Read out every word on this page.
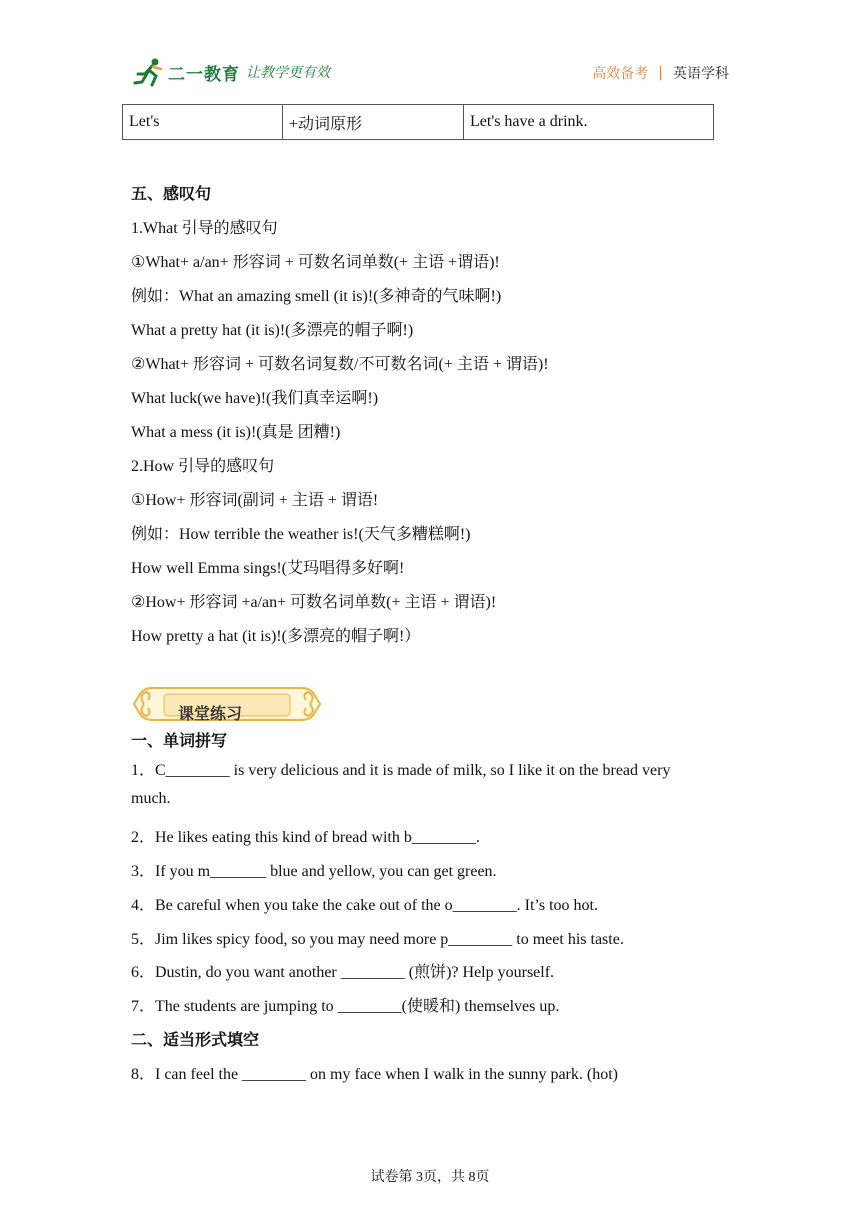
二一教育 让教学更有效	高效备考 | 英语学科
Let's	+动词原形	Let's have a drink.
五、感叹句
1.What 引导的感叹句
①What+ a/an+ 形容词 + 可数名词单数(+ 主语 +谓语)!
例如：What an amazing smell (it is)!(多神奇的气味啊!)
What a pretty hat (it is)!(多漂亮的帽子啊!)
②What+ 形容词 + 可数名词复数/不可数名词(+ 主语 + 谓语)!
What luck(we have)!(我们真幸运啊!)
What a mess (it is)!(真是 团糟!)
2.How 引导的感叹句
①How+ 形容词(副词 + 主语 + 谓语!
例如：How terrible the weather is!(天气多糟糕啊!)
How well Emma sings!(艾玛唱得多好啊!
②How+ 形容词 +a/an+ 可数名词单数(+ 主语 + 谓语)!
How pretty a hat (it is)!(多漂亮的帽子啊!）
课堂练习
一、单词拼写
1．C________ is very delicious and it is made of milk, so I like it on the bread very
much.
2．He likes eating this kind of bread with b________.
3．If you m_______ blue and yellow, you can get green.
4．Be careful when you take the cake out of the o________. It’s too hot.
5．Jim likes spicy food, so you may need more p________ to meet his taste.
6．Dustin, do you want another ________ (煎饼)? Help yourself.
7．The students are jumping to ________(使暖和) themselves up.
二、适当形式填空
8．I can feel the ________ on my face when I walk in the sunny park. (hot)
试卷第 3页，共 8页
